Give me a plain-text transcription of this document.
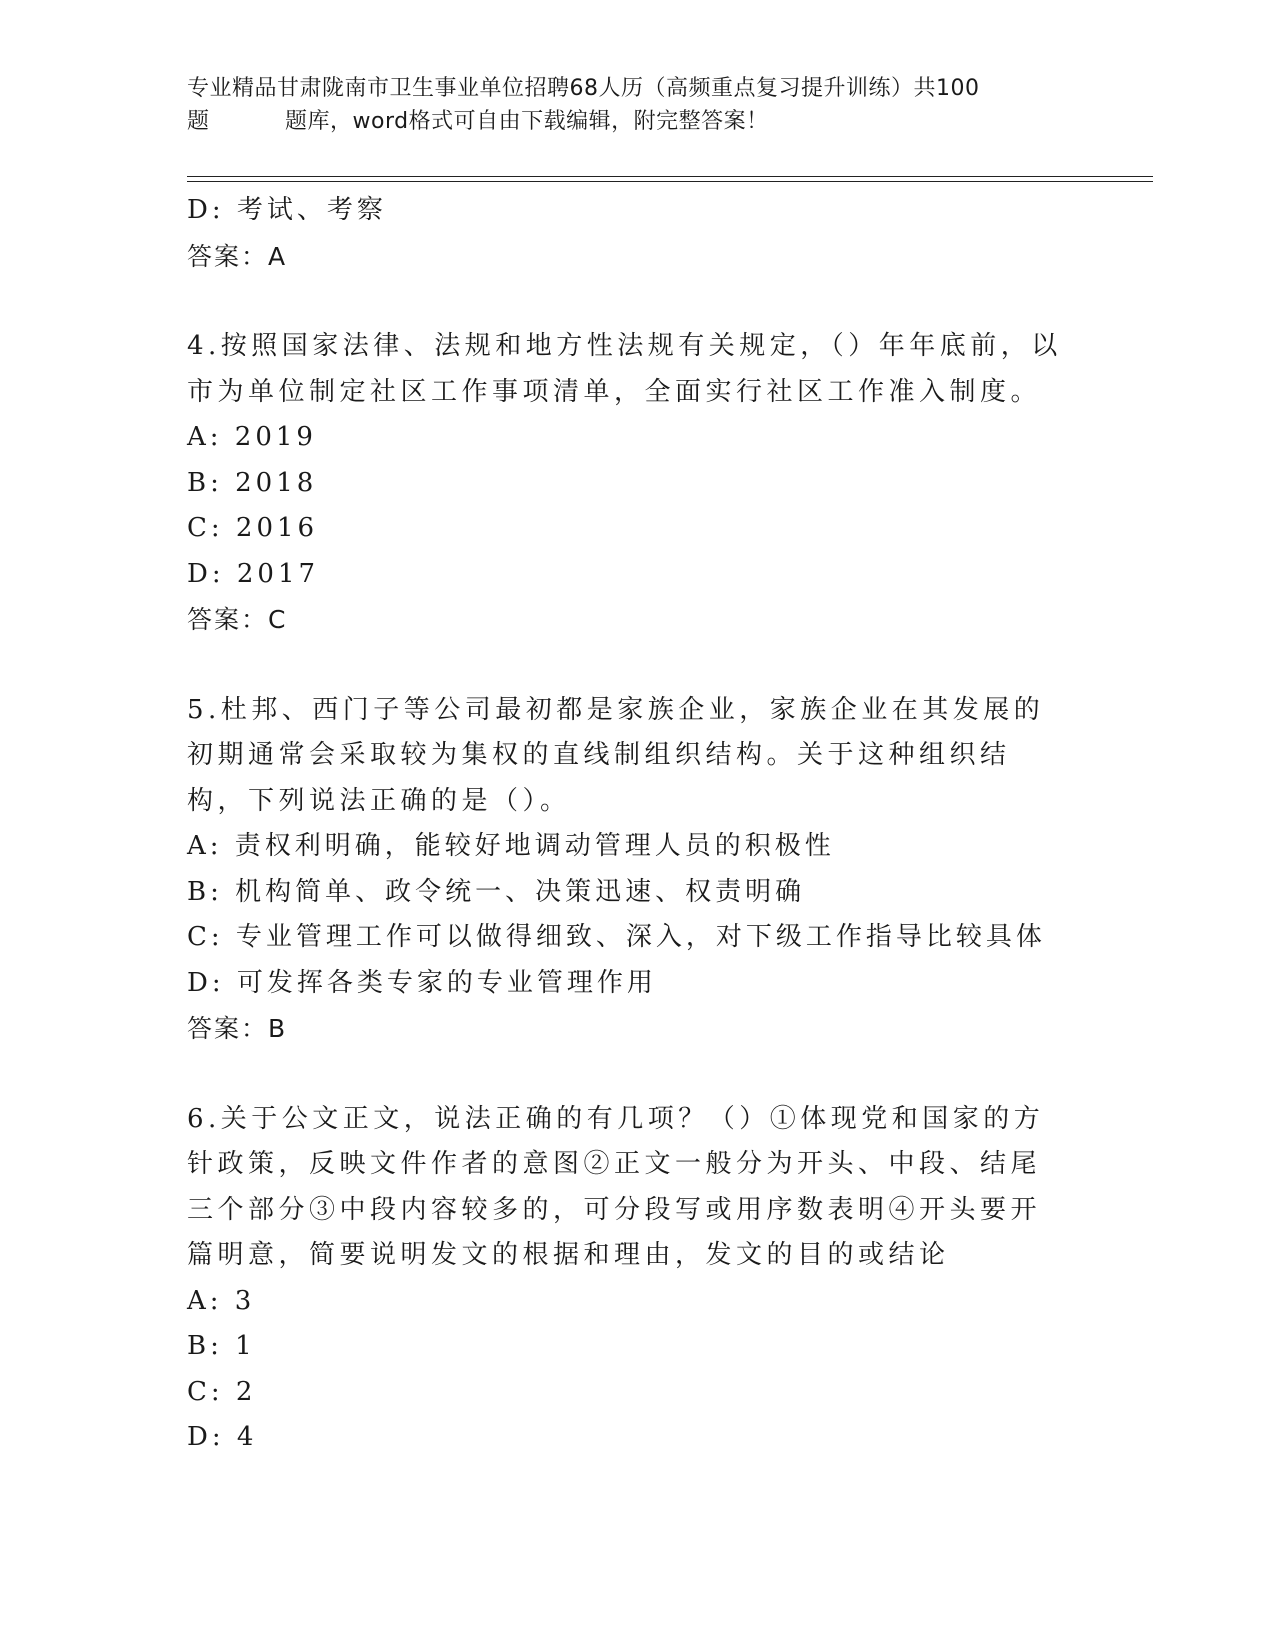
专业精品甘肃陇南市卫生事业单位招聘68人历（高频重点复习提升训练）共100
题	题库，word格式可自由下载编辑，附完整答案！
D: 考试、考察
答案：A
4.按照国家法律、法规和地方性法规有关规定，（）年年底前，以市为单位制定社区工作事项清单，全面实行社区工作准入制度。
A: 2019
B: 2018
C: 2016
D: 2017
答案：C
5.杜邦、西门子等公司最初都是家族企业，家族企业在其发展的初期通常会采取较为集权的直线制组织结构。关于这种组织结构，下列说法正确的是（）。
A: 责权利明确，能较好地调动管理人员的积极性
B: 机构简单、政令统一、决策迅速、权责明确
C: 专业管理工作可以做得细致、深入，对下级工作指导比较具体
D: 可发挥各类专家的专业管理作用
答案：B
6.关于公文正文，说法正确的有几项？（）①体现党和国家的方针政策，反映文件作者的意图②正文一般分为开头、中段、结尾三个部分③中段内容较多的，可分段写或用序数表明④开头要开篇明意，简要说明发文的根据和理由，发文的目的或结论
A: 3
B: 1
C: 2
D: 4
